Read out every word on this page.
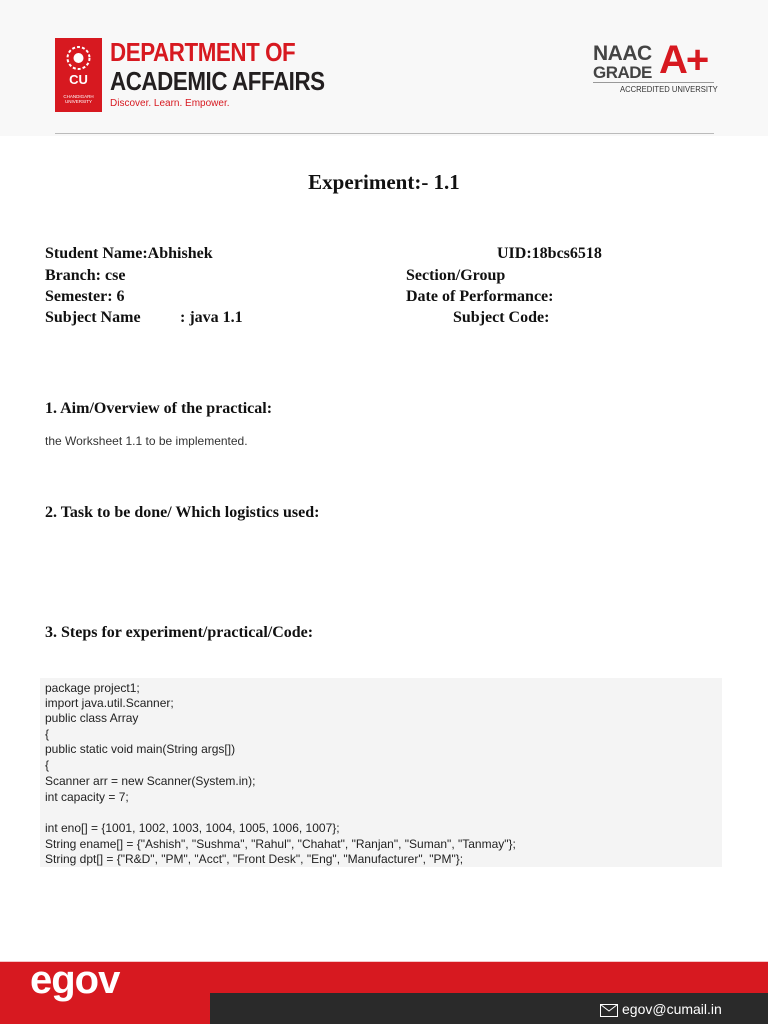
CU
CHANDIGARH UNIVERSITY
DEPARTMENT OF
ACADEMIC AFFAIRS
Discover. Learn. Empower.
NAAC
GRADE A+
ACCREDITED UNIVERSITY
Experiment:- 1.1
Student Name:Abhishek	UID:18bcs6518
Branch: cse	Section/Group
Semester: 6	Date of Performance:
Subject Name : java 1.1	Subject Code:
1. Aim/Overview of the practical:
the Worksheet 1.1 to be implemented.
2. Task to be done/ Which logistics used:
3. Steps for experiment/practical/Code:
package project1;
import java.util.Scanner;
public class Array
{
public static void main(String args[])
{
Scanner arr = new Scanner(System.in);
int capacity = 7;
int eno[] = {1001, 1002, 1003, 1004, 1005, 1006, 1007};
String ename[] = {"Ashish", "Sushma", "Rahul", "Chahat", "Ranjan", "Suman", "Tanmay"};
String dpt[] = {"R&D", "PM", "Acct", "Front Desk", "Eng", "Manufacturer", "PM"};
egov
egov@cumail.in
